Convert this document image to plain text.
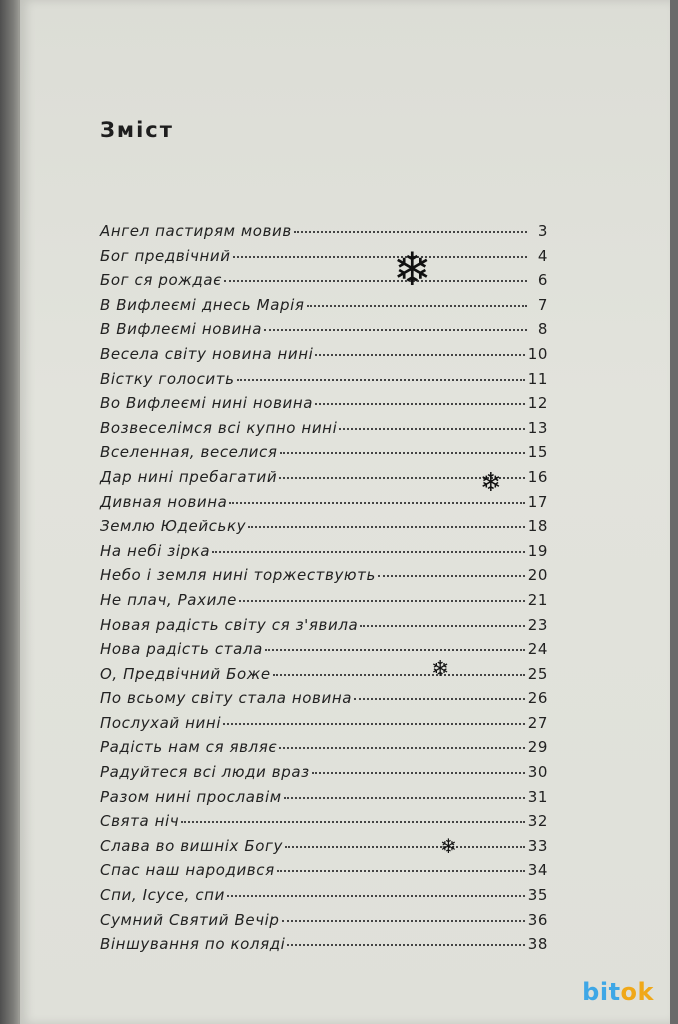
Зміст
Ангел пастирям мовив	3
Бог предвічний	4
Бог ся рождає	6
В Вифлеємі днесь Марія	7
В Вифлеємі новина	8
Весела світу новина нині	10
Вістку голосить	11
Во Вифлеємі нині новина	12
Возвеселімся всі купно нині	13
Вселенная, веселися	15
Дар нині пребагатий	16
Дивная новина	17
Землю Юдейську	18
На небі зірка	19
Небо і земля нині торжествують	20
Не плач, Рахиле	21
Новая радість світу ся з'явила	23
Нова радість стала	24
О, Предвічний Боже	25
По всьому світу стала новина	26
Послухай нині	27
Радість нам ся являє	29
Радуйтеся всі люди враз	30
Разом нині прославім	31
Свята ніч	32
Слава во вишніх Богу	33
Спас наш народився	34
Спи, Ісусе, спи	35
Сумний Святий Вечір	36
Віншування по коляді	38
❄
❄
❄
❄
bitok
